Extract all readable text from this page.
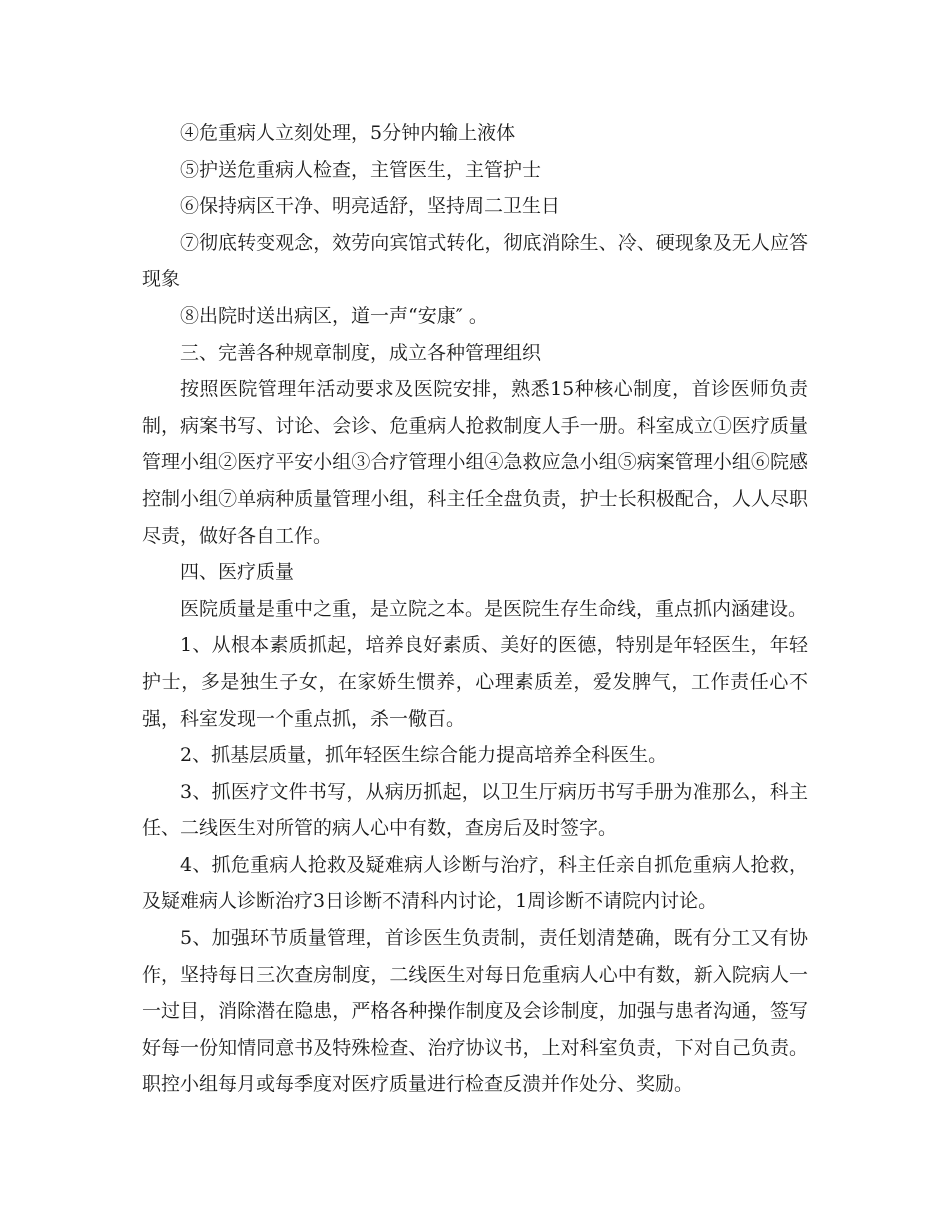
④危重病人立刻处理，5分钟内输上液体

⑤护送危重病人检查，主管医生，主管护士

⑥保持病区干净、明亮适舒，坚持周二卫生日

⑦彻底转变观念，效劳向宾馆式转化，彻底消除生、冷、硬现象及无人应答现象

⑧出院时送出病区，道一声“安康″ 。

三、完善各种规章制度，成立各种管理组织

按照医院管理年活动要求及医院安排，熟悉15种核心制度，首诊医师负责制，病案书写、讨论、会诊、危重病人抢救制度人手一册。科室成立①医疗质量管理小组②医疗平安小组③合疗管理小组④急救应急小组⑤病案管理小组⑥院感控制小组⑦单病种质量管理小组，科主任全盘负责，护士长积极配合，人人尽职尽责，做好各自工作。

四、医疗质量

医院质量是重中之重，是立院之本。是医院生存生命线，重点抓内涵建设。

1、从根本素质抓起，培养良好素质、美好的医德，特别是年轻医生，年轻护士，多是独生子女，在家娇生惯养，心理素质差，爱发脾气，工作责任心不强，科室发现一个重点抓，杀一儆百。

2、抓基层质量，抓年轻医生综合能力提高培养全科医生。

3、抓医疗文件书写，从病历抓起，以卫生厅病历书写手册为准那么，科主任、二线医生对所管的病人心中有数，查房后及时签字。

4、抓危重病人抢救及疑难病人诊断与治疗，科主任亲自抓危重病人抢救，及疑难病人诊断治疗3日诊断不清科内讨论，1周诊断不请院内讨论。

5、加强环节质量管理，首诊医生负责制，责任划清楚确，既有分工又有协作，坚持每日三次查房制度，二线医生对每日危重病人心中有数，新入院病人一一过目，消除潜在隐患，严格各种操作制度及会诊制度，加强与患者沟通，签写好每一份知情同意书及特殊检查、治疗协议书，上对科室负责，下对自己负责。职控小组每月或每季度对医疗质量进行检查反溃并作处分、奖励。
